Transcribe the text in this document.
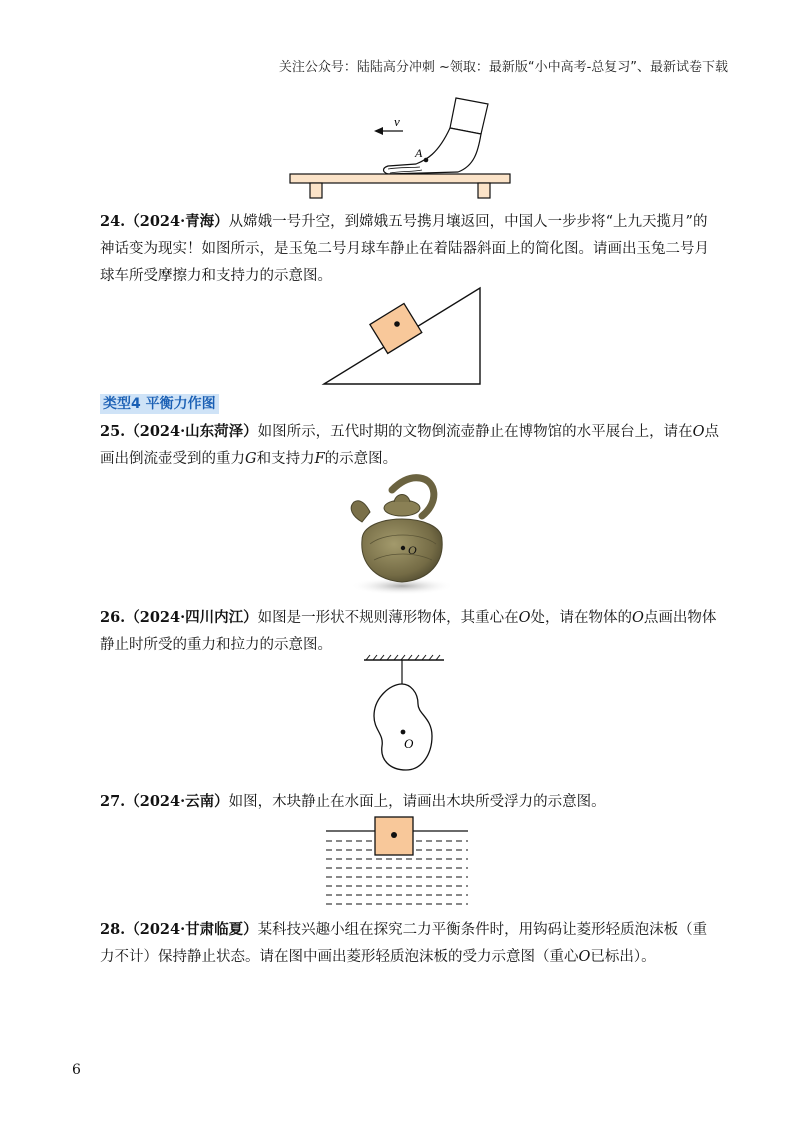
关注公众号：陆陆高分冲刺 ~领取：最新版“小中高考-总复习”、最新试卷下载
v
A
24.（2024·青海）从嫦娥一号升空，到嫦娥五号携月壤返回，中国人一步步将“上九天揽月”的神话变为现实！如图所示，是玉兔二号月球车静止在着陆器斜面上的简化图。请画出玉兔二号月球车所受摩擦力和支持力的示意图。
类型4 平衡力作图
25.（2024·山东菏泽）如图所示，五代时期的文物倒流壶静止在博物馆的水平展台上，请在O点画出倒流壶受到的重力G和支持力F的示意图。
O
26.（2024·四川内江）如图是一形状不规则薄形物体，其重心在O处，请在物体的O点画出物体静止时所受的重力和拉力的示意图。
O
27.（2024·云南）如图，木块静止在水面上，请画出木块所受浮力的示意图。
28.（2024·甘肃临夏）某科技兴趣小组在探究二力平衡条件时，用钩码让菱形轻质泡沫板（重力不计）保持静止状态。请在图中画出菱形轻质泡沫板的受力示意图（重心O已标出）。
6
